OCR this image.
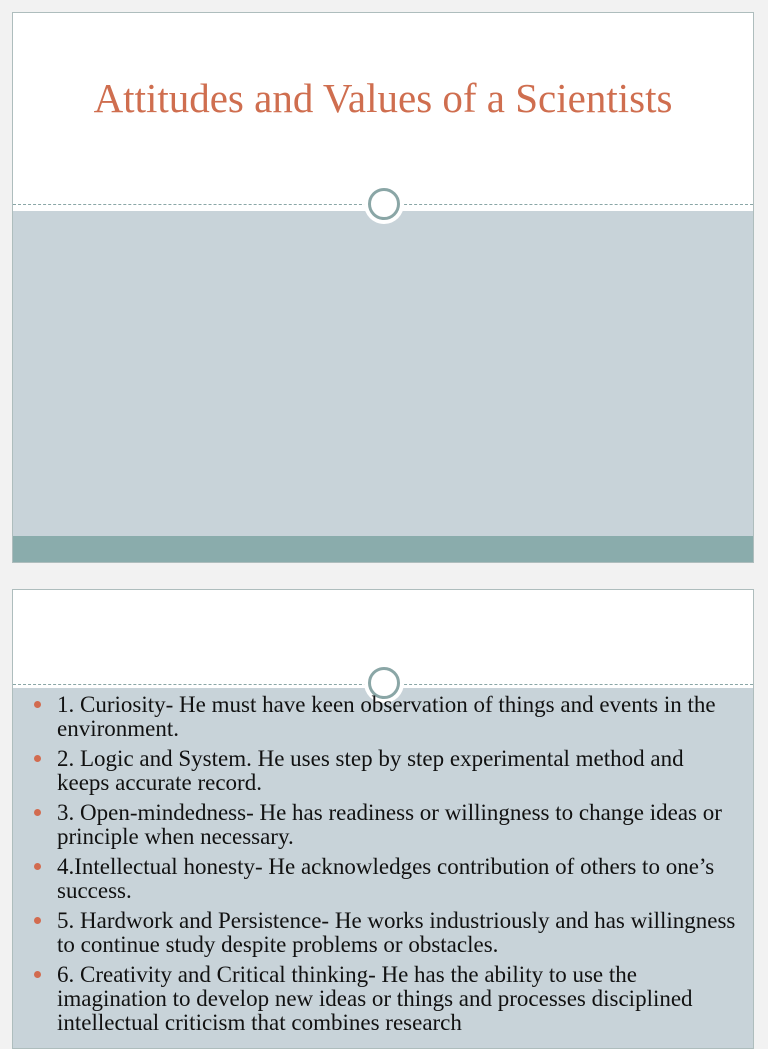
Attitudes and Values of a Scientists
1. Curiosity- He must have keen observation of things and events in the environment.
2. Logic and System. He uses step by step experimental method and keeps accurate record.
3. Open-mindedness- He has readiness or willingness to change ideas or principle when necessary.
4.Intellectual honesty- He acknowledges contribution of others to one’s success.
5. Hardwork and Persistence- He works industriously and has willingness to continue study despite problems or obstacles.
6. Creativity and Critical thinking- He has the ability to use the imagination to develop new ideas or things and processes disciplined intellectual criticism that combines research
